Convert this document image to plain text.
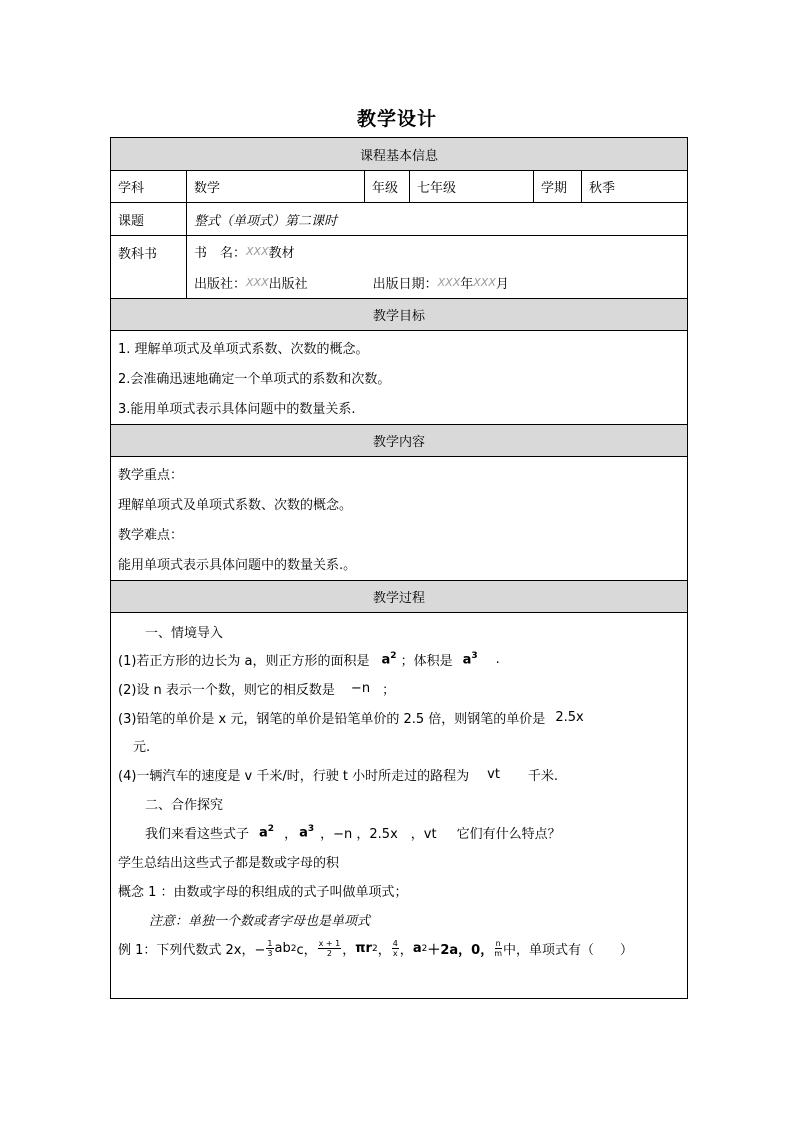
教学设计
课程基本信息
学科	数学	年级	七年级	学期	秋季
课题	整式（单项式）第二课时
教科书	书　名： XXX 教材
出版社： XXX 出版社	出版日期： XXX 年 XXX 月
教学目标
1. 理解单项式及单项式系数、次数的概念。
2.会准确迅速地确定一个单项式的系数和次数。
3.能用单项式表示具体问题中的数量关系.
教学内容
教学重点：
理解单项式及单项式系数、次数的概念。
教学难点：
能用单项式表示具体问题中的数量关系.。
教学过程
一、情境导入
(1)若正方形的边长为 a，则正方形的面积是 $a^2$ ；体积是 $a^3$ .
(2)设 n 表示一个数，则它的相反数是 −n ；
(3)铅笔的单价是 x 元，钢笔的单价是铅笔单价的 2.5 倍，则钢笔的单价是 2.5x
元.
(4)一辆汽车的速度是 v 千米/时，行驶 t 小时所走过的路程为 vt 千米.
二、合作探究
我们来看这些式子 $a^2$ ， $a^3$ ，−n ，2.5x　，vt 它们有什么特点？
学生总结出这些式子都是数或字母的积
概念 1 ：由数或字母的积组成的式子叫做单项式；
注意：单独一个数或者字母也是单项式
例 1：下列代数式 2x，− $\frac{1}{3}$ ab 2 c， $\frac{x + 1}{2}$ ， πr 2 ， $\frac{4}{x}$ ， a 2 ＋2a，0， $\frac{n}{m}$ 中，单项式有（　　）
